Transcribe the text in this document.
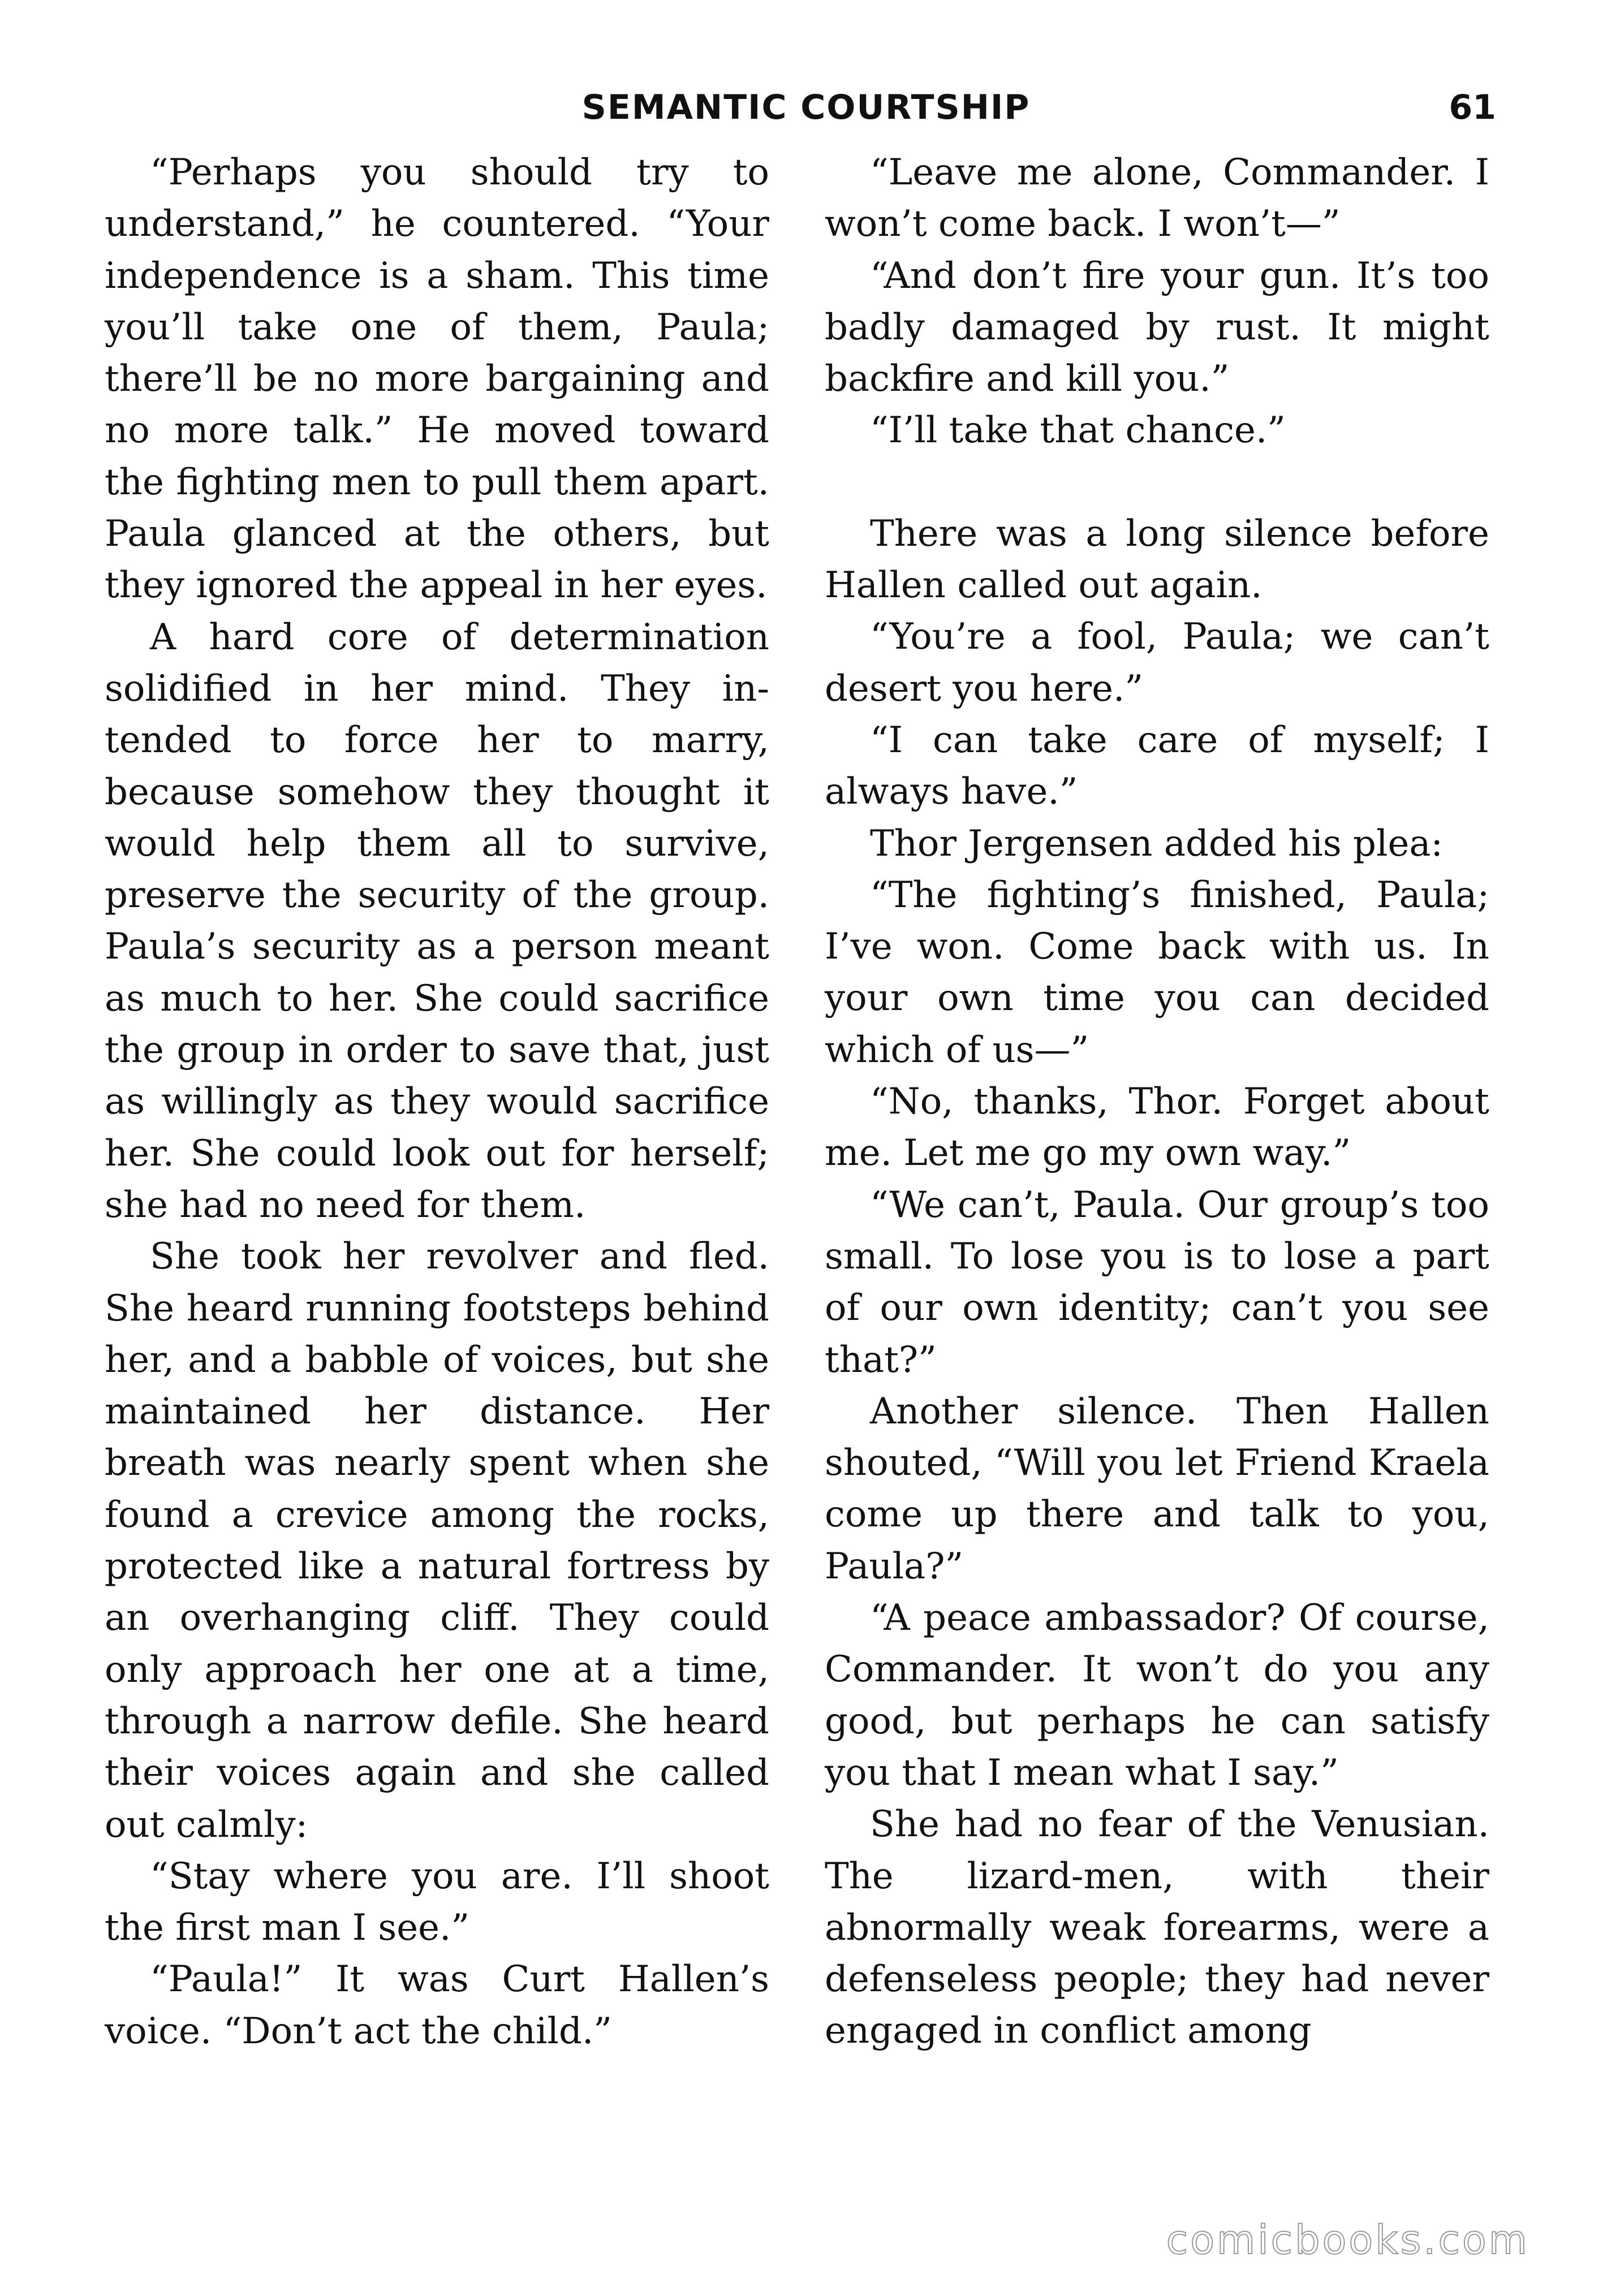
SEMANTIC COURTSHIP	61

“Perhaps you should try to understand,” he countered. “Your independence is a sham. This time you’ll take one of them, Paula; there’ll be no more bargaining and no more talk.” He moved toward the fighting men to pull them apart. Paula glanced at the others, but they ignored the appeal in her eyes.

A hard core of determination solidified in her mind. They intended to force her to marry, because somehow they thought it would help them all to survive, preserve the security of the group. Paula’s security as a person meant as much to her. She could sacrifice the group in order to save that, just as willingly as they would sacrifice her. She could look out for herself; she had no need for them.

She took her revolver and fled. She heard running footsteps behind her, and a babble of voices, but she maintained her distance. Her breath was nearly spent when she found a crevice among the rocks, protected like a natural fortress by an overhanging cliff. They could only approach her one at a time, through a narrow defile. She heard their voices again and she called out calmly:

“Stay where you are. I’ll shoot the first man I see.”

“Paula!” It was Curt Hallen’s voice. “Don’t act the child.”

“Leave me alone, Commander. I won’t come back. I won’t—”

“And don’t fire your gun. It’s too badly damaged by rust. It might backfire and kill you.”

“I’ll take that chance.”

There was a long silence before Hallen called out again.

“You’re a fool, Paula; we can’t desert you here.”

“I can take care of myself; I always have.”

Thor Jergensen added his plea:

“The fighting’s finished, Paula; I’ve won. Come back with us. In your own time you can decided which of us—”

“No, thanks, Thor. Forget about me. Let me go my own way.”

“We can’t, Paula. Our group’s too small. To lose you is to lose a part of our own identity; can’t you see that?”

Another silence. Then Hallen shouted, “Will you let Friend Kraela come up there and talk to you, Paula?”

“A peace ambassador? Of course, Commander. It won’t do you any good, but perhaps he can satisfy you that I mean what I say.”

She had no fear of the Venusian. The lizard-men, with their abnormally weak forearms, were a defenseless people; they had never engaged in conflict among

comicbooks.com
